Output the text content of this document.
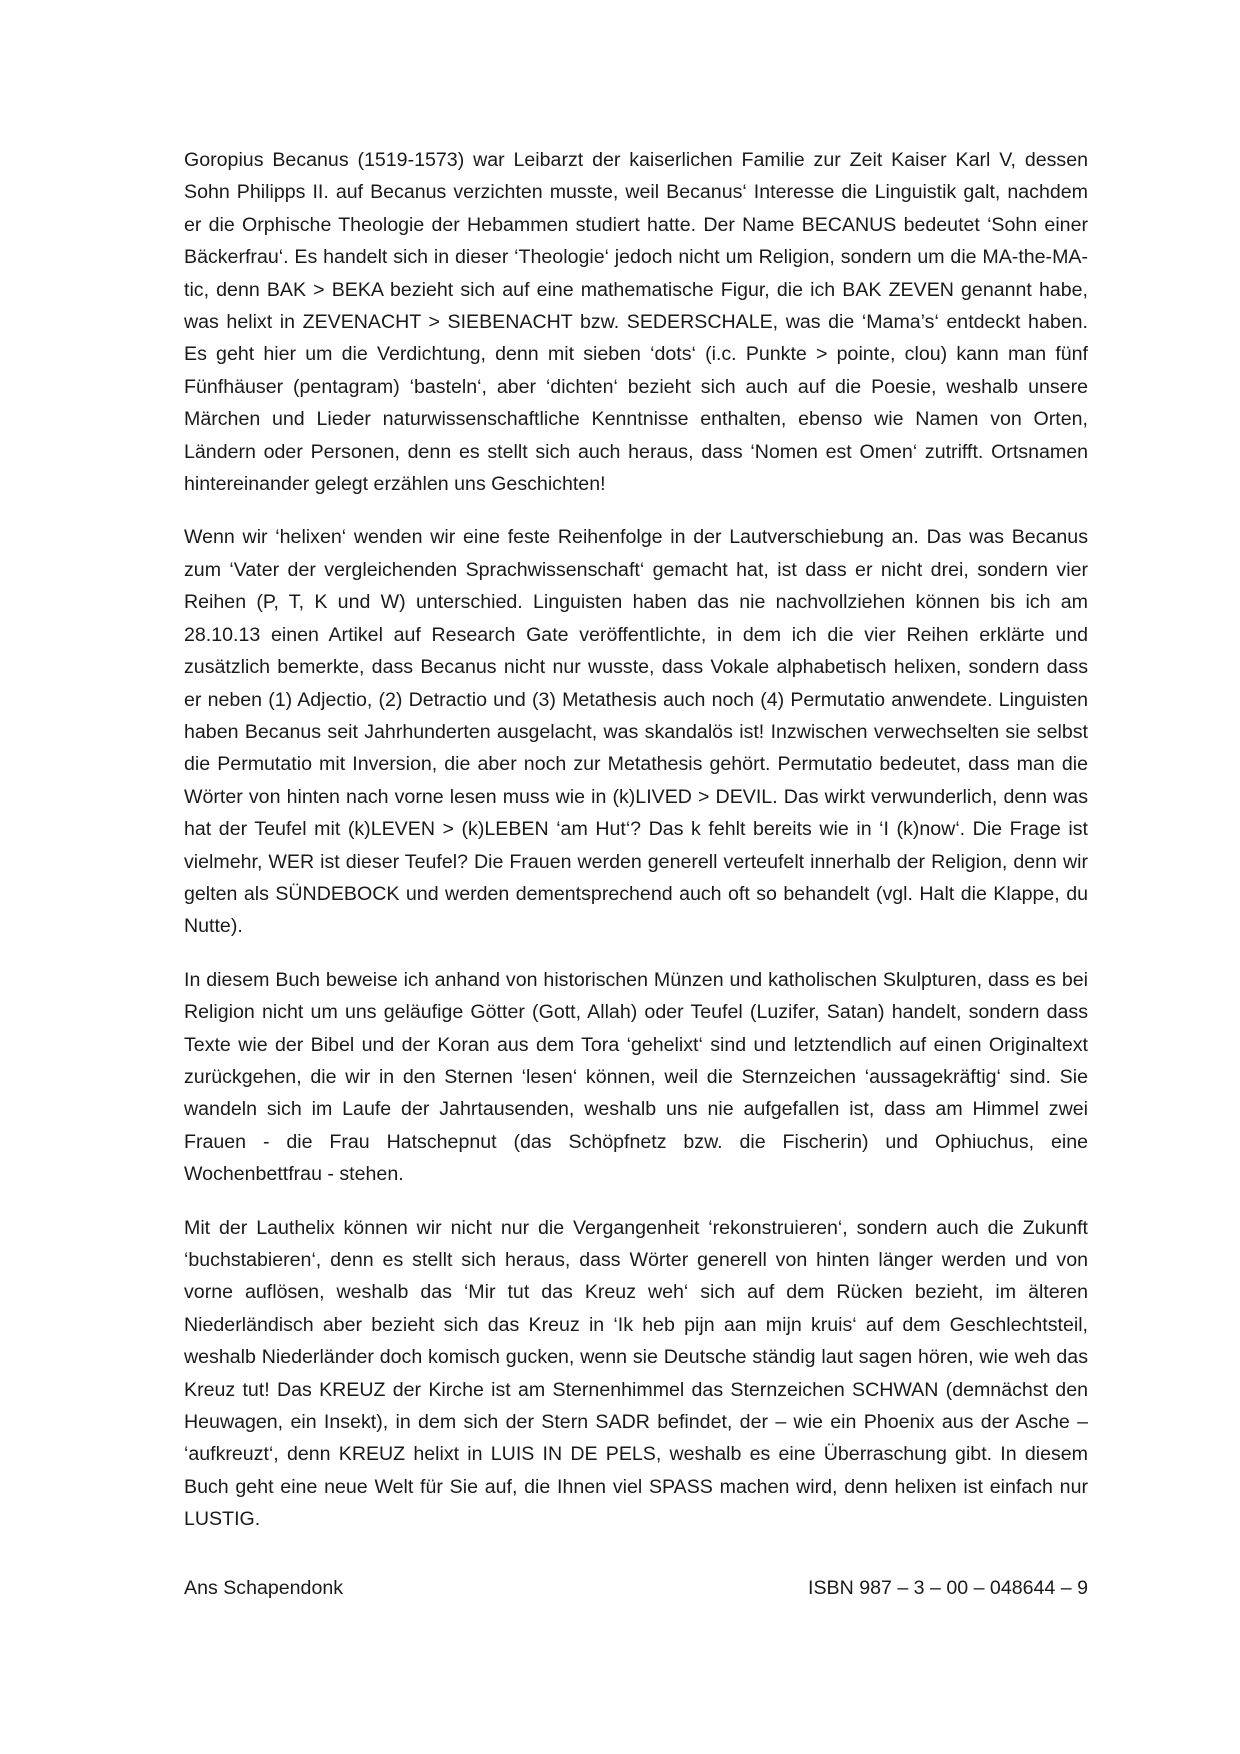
Goropius Becanus (1519-1573) war Leibarzt der kaiserlichen Familie zur Zeit Kaiser Karl V, dessen Sohn Philipps II. auf Becanus verzichten musste, weil Becanus‘ Interesse die Linguistik galt, nachdem er die Orphische Theologie der Hebammen studiert hatte. Der Name BECANUS bedeutet ‘Sohn einer Bäckerfrau‘. Es handelt sich in dieser ‘Theologie‘ jedoch nicht um Religion, sondern um die MA-the-MA-tic, denn BAK > BEKA bezieht sich auf eine mathematische Figur, die ich BAK ZEVEN genannt habe, was helixt in ZEVENACHT > SIEBENACHT bzw. SEDERSCHALE, was die ‘Mama’s‘ entdeckt haben. Es geht hier um die Verdichtung, denn mit sieben ‘dots‘ (i.c. Punkte > pointe, clou) kann man fünf Fünfhäuser (pentagram) ‘basteln‘, aber ‘dichten‘ bezieht sich auch auf die Poesie, weshalb unsere Märchen und Lieder naturwissenschaftliche Kenntnisse enthalten, ebenso wie Namen von Orten, Ländern oder Personen, denn es stellt sich auch heraus, dass ‘Nomen est Omen‘ zutrifft. Ortsnamen hintereinander gelegt erzählen uns Geschichten!

Wenn wir ‘helixen‘ wenden wir eine feste Reihenfolge in der Lautverschiebung an. Das was Becanus zum ‘Vater der vergleichenden Sprachwissenschaft‘ gemacht hat, ist dass er nicht drei, sondern vier Reihen (P, T, K und W) unterschied. Linguisten haben das nie nachvollziehen können bis ich am 28.10.13 einen Artikel auf Research Gate veröffentlichte, in dem ich die vier Reihen erklärte und zusätzlich bemerkte, dass Becanus nicht nur wusste, dass Vokale alphabetisch helixen, sondern dass er neben (1) Adjectio, (2) Detractio und (3) Metathesis auch noch (4) Permutatio anwendete. Linguisten haben Becanus seit Jahrhunderten ausgelacht, was skandalös ist! Inzwischen verwechselten sie selbst die Permutatio mit Inversion, die aber noch zur Metathesis gehört. Permutatio bedeutet, dass man die Wörter von hinten nach vorne lesen muss wie in (k)LIVED > DEVIL. Das wirkt verwunderlich, denn was hat der Teufel mit (k)LEVEN > (k)LEBEN ‘am Hut‘? Das k fehlt bereits wie in ‘I (k)now‘. Die Frage ist vielmehr, WER ist dieser Teufel? Die Frauen werden generell verteufelt innerhalb der Religion, denn wir gelten als SÜNDEBOCK und werden dementsprechend auch oft so behandelt (vgl. Halt die Klappe, du Nutte).

In diesem Buch beweise ich anhand von historischen Münzen und katholischen Skulpturen, dass es bei Religion nicht um uns geläufige Götter (Gott, Allah) oder Teufel (Luzifer, Satan) handelt, sondern dass Texte wie der Bibel und der Koran aus dem Tora ‘gehelixt‘ sind und letztendlich auf einen Originaltext zurückgehen, die wir in den Sternen ‘lesen‘ können, weil die Sternzeichen ‘aussagekräftig‘ sind. Sie wandeln sich im Laufe der Jahrtausenden, weshalb uns nie aufgefallen ist, dass am Himmel zwei Frauen - die Frau Hatschepnut (das Schöpfnetz bzw. die Fischerin) und Ophiuchus, eine Wochenbettfrau - stehen.

Mit der Lauthelix können wir nicht nur die Vergangenheit ‘rekonstruieren‘, sondern auch die Zukunft ‘buchstabieren‘, denn es stellt sich heraus, dass Wörter generell von hinten länger werden und von vorne auflösen, weshalb das ‘Mir tut das Kreuz weh‘ sich auf dem Rücken bezieht, im älteren Niederländisch aber bezieht sich das Kreuz in ‘Ik heb pijn aan mijn kruis‘ auf dem Geschlechtsteil, weshalb Niederländer doch komisch gucken, wenn sie Deutsche ständig laut sagen hören, wie weh das Kreuz tut! Das KREUZ der Kirche ist am Sternenhimmel das Sternzeichen SCHWAN (demnächst den Heuwagen, ein Insekt), in dem sich der Stern SADR befindet, der – wie ein Phoenix aus der Asche – ‘aufkreuzt‘, denn KREUZ helixt in LUIS IN DE PELS, weshalb es eine Überraschung gibt. In diesem Buch geht eine neue Welt für Sie auf, die Ihnen viel SPASS machen wird, denn helixen ist einfach nur LUSTIG.

Ans Schapendonk	ISBN 987 – 3 – 00 – 048644 – 9
